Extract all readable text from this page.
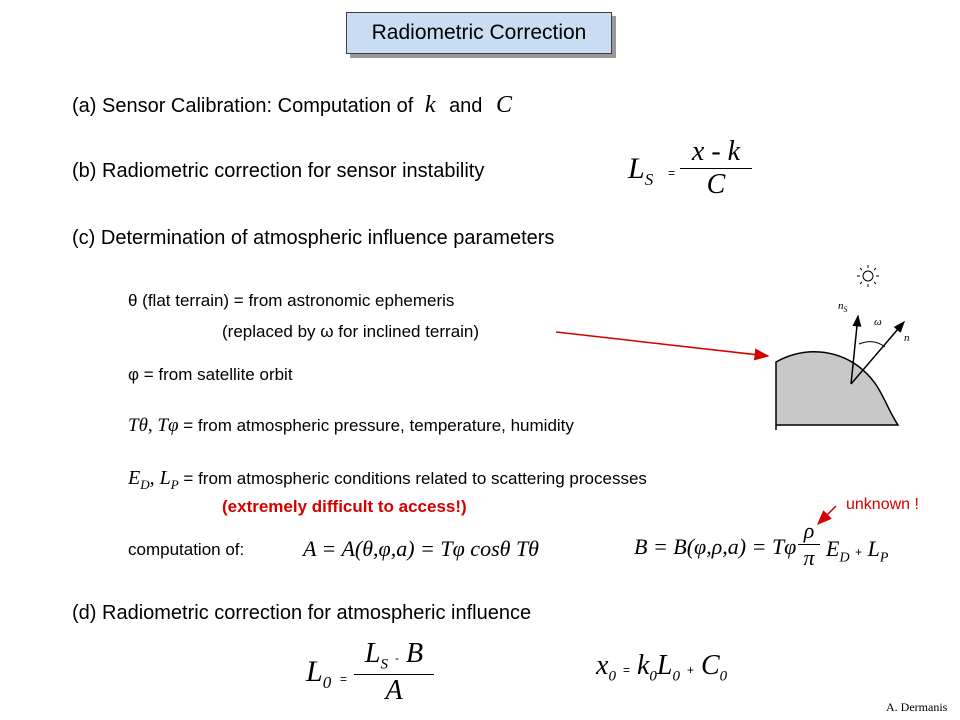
Radiometric Correction
(a) Sensor Calibration: Computation of k and C
(b) Radiometric correction for sensor instability	$L_S$ =
x - k
C
(c) Determination of atmospheric influence parameters
θ (flat terrain) = from astronomic ephemeris
(replaced by ω for inclined terrain)
φ = from satellite orbit
Tθ, Tφ = from atmospheric pressure, temperature, humidity
$E_D$, $L_P$ = from atmospheric conditions related to scattering processes
(extremely difficult to access!)
computation of:	A = A(θ,φ,a) = Tφ cosθ Tθ	B = B(φ,ρ,a) = Tφ
ρ
π $E_D + L_P$
unknown !
(d) Radiometric correction for atmospheric influence
$L_0$ =
$L_S$ - B
A
$x_0 = k_0L_0 + C_0$
A. Dermanis
$n_S$
ω
n
